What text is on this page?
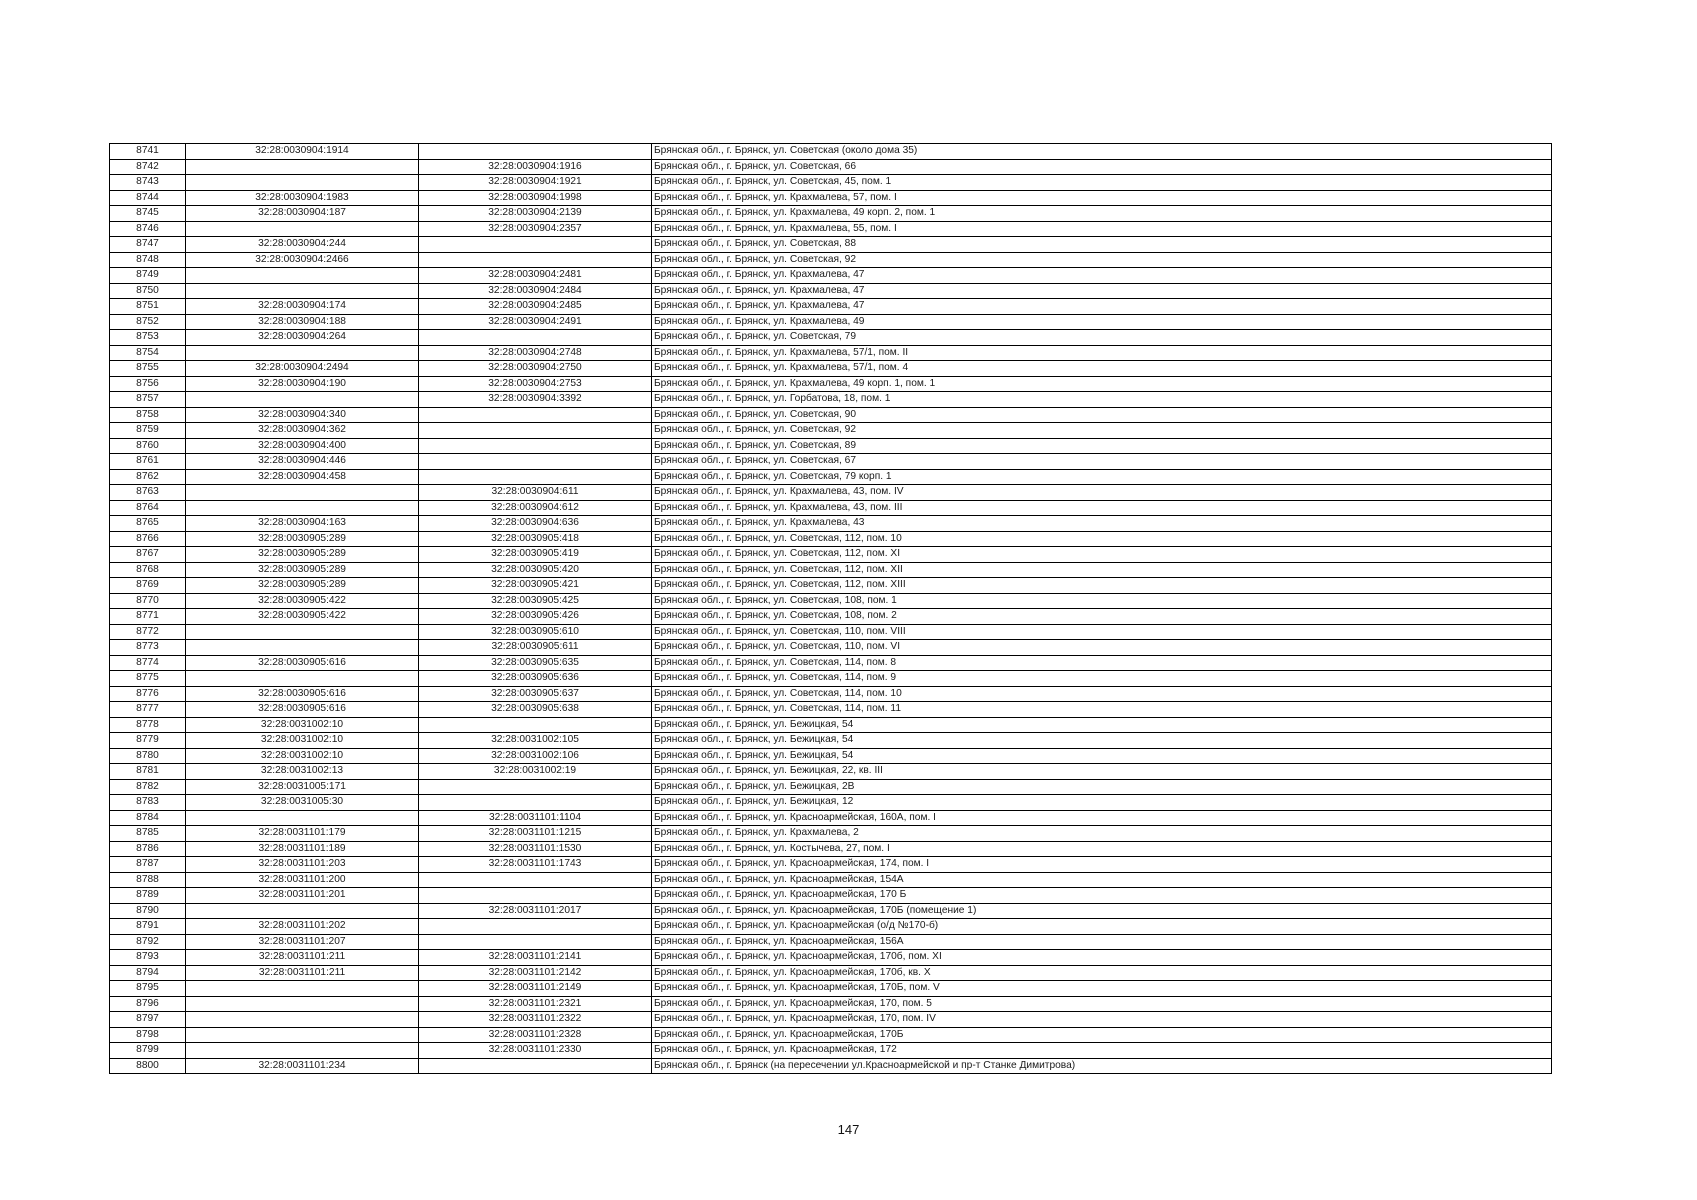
8741	32:28:0030904:1914		Брянская обл., г. Брянск, ул. Советская (около дома 35)
8742		32:28:0030904:1916	Брянская обл., г. Брянск, ул. Советская, 66
8743		32:28:0030904:1921	Брянская обл., г. Брянск, ул. Советская, 45, пом. 1
8744	32:28:0030904:1983	32:28:0030904:1998	Брянская обл., г. Брянск, ул. Крахмалева, 57, пом. I
8745	32:28:0030904:187	32:28:0030904:2139	Брянская обл., г. Брянск, ул. Крахмалева, 49 корп. 2, пом. 1
8746		32:28:0030904:2357	Брянская обл., г. Брянск, ул. Крахмалева, 55, пом. I
8747	32:28:0030904:244		Брянская обл., г. Брянск, ул. Советская, 88
8748	32:28:0030904:2466		Брянская обл., г. Брянск, ул. Советская, 92
8749		32:28:0030904:2481	Брянская обл., г. Брянск, ул. Крахмалева, 47
8750		32:28:0030904:2484	Брянская обл., г. Брянск, ул. Крахмалева, 47
8751	32:28:0030904:174	32:28:0030904:2485	Брянская обл., г. Брянск, ул. Крахмалева, 47
8752	32:28:0030904:188	32:28:0030904:2491	Брянская обл., г. Брянск, ул. Крахмалева, 49
8753	32:28:0030904:264		Брянская обл., г. Брянск, ул. Советская, 79
8754		32:28:0030904:2748	Брянская обл., г. Брянск, ул. Крахмалева, 57/1, пом. II
8755	32:28:0030904:2494	32:28:0030904:2750	Брянская обл., г. Брянск, ул. Крахмалева, 57/1, пом. 4
8756	32:28:0030904:190	32:28:0030904:2753	Брянская обл., г. Брянск, ул. Крахмалева, 49 корп. 1, пом. 1
8757		32:28:0030904:3392	Брянская обл., г. Брянск, ул. Горбатова, 18, пом. 1
8758	32:28:0030904:340		Брянская обл., г. Брянск, ул. Советская, 90
8759	32:28:0030904:362		Брянская обл., г. Брянск, ул. Советская, 92
8760	32:28:0030904:400		Брянская обл., г. Брянск, ул. Советская, 89
8761	32:28:0030904:446		Брянская обл., г. Брянск, ул. Советская, 67
8762	32:28:0030904:458		Брянская обл., г. Брянск, ул. Советская, 79 корп. 1
8763		32:28:0030904:611	Брянская обл., г. Брянск, ул. Крахмалева, 43, пом. IV
8764		32:28:0030904:612	Брянская обл., г. Брянск, ул. Крахмалева, 43, пом. III
8765	32:28:0030904:163	32:28:0030904:636	Брянская обл., г. Брянск, ул. Крахмалева, 43
8766	32:28:0030905:289	32:28:0030905:418	Брянская обл., г. Брянск, ул. Советская, 112, пом. 10
8767	32:28:0030905:289	32:28:0030905:419	Брянская обл., г. Брянск, ул. Советская, 112, пом. XI
8768	32:28:0030905:289	32:28:0030905:420	Брянская обл., г. Брянск, ул. Советская, 112, пом. XII
8769	32:28:0030905:289	32:28:0030905:421	Брянская обл., г. Брянск, ул. Советская, 112, пом. XIII
8770	32:28:0030905:422	32:28:0030905:425	Брянская обл., г. Брянск, ул. Советская, 108, пом. 1
8771	32:28:0030905:422	32:28:0030905:426	Брянская обл., г. Брянск, ул. Советская, 108, пом. 2
8772		32:28:0030905:610	Брянская обл., г. Брянск, ул. Советская, 110, пом. VIII
8773		32:28:0030905:611	Брянская обл., г. Брянск, ул. Советская, 110, пом. VI
8774	32:28:0030905:616	32:28:0030905:635	Брянская обл., г. Брянск, ул. Советская, 114, пом. 8
8775		32:28:0030905:636	Брянская обл., г. Брянск, ул. Советская, 114, пом. 9
8776	32:28:0030905:616	32:28:0030905:637	Брянская обл., г. Брянск, ул. Советская, 114, пом. 10
8777	32:28:0030905:616	32:28:0030905:638	Брянская обл., г. Брянск, ул. Советская, 114, пом. 11
8778	32:28:0031002:10		Брянская обл., г. Брянск, ул. Бежицкая, 54
8779	32:28:0031002:10	32:28:0031002:105	Брянская обл., г. Брянск, ул. Бежицкая, 54
8780	32:28:0031002:10	32:28:0031002:106	Брянская обл., г. Брянск, ул. Бежицкая, 54
8781	32:28:0031002:13	32:28:0031002:19	Брянская обл., г. Брянск, ул. Бежицкая, 22, кв. III
8782	32:28:0031005:171		Брянская обл., г. Брянск, ул. Бежицкая, 2В
8783	32:28:0031005:30		Брянская обл., г. Брянск, ул. Бежицкая, 12
8784		32:28:0031101:1104	Брянская обл., г. Брянск, ул. Красноармейская, 160А, пом. I
8785	32:28:0031101:179	32:28:0031101:1215	Брянская обл., г. Брянск, ул. Крахмалева, 2
8786	32:28:0031101:189	32:28:0031101:1530	Брянская обл., г. Брянск, ул. Костычева, 27, пом. I
8787	32:28:0031101:203	32:28:0031101:1743	Брянская обл., г. Брянск, ул. Красноармейская, 174, пом. I
8788	32:28:0031101:200		Брянская обл., г. Брянск, ул. Красноармейская, 154А
8789	32:28:0031101:201		Брянская обл., г. Брянск, ул. Красноармейская, 170 Б
8790		32:28:0031101:2017	Брянская обл., г. Брянск, ул. Красноармейская, 170Б (помещение 1)
8791	32:28:0031101:202		Брянская обл., г. Брянск, ул. Красноармейская (о/д №170-б)
8792	32:28:0031101:207		Брянская обл., г. Брянск, ул. Красноармейская, 156А
8793	32:28:0031101:211	32:28:0031101:2141	Брянская обл., г. Брянск, ул. Красноармейская, 170б, пом. XI
8794	32:28:0031101:211	32:28:0031101:2142	Брянская обл., г. Брянск, ул. Красноармейская, 170б, кв. X
8795		32:28:0031101:2149	Брянская обл., г. Брянск, ул. Красноармейская, 170Б, пом. V
8796		32:28:0031101:2321	Брянская обл., г. Брянск, ул. Красноармейская, 170, пом. 5
8797		32:28:0031101:2322	Брянская обл., г. Брянск, ул. Красноармейская, 170, пом. IV
8798		32:28:0031101:2328	Брянская обл., г. Брянск, ул. Красноармейская, 170Б
8799		32:28:0031101:2330	Брянская обл., г. Брянск, ул. Красноармейская, 172
8800	32:28:0031101:234		Брянская обл., г. Брянск (на пересечении ул.Красноармейской и пр-т Станке Димитрова)
147
